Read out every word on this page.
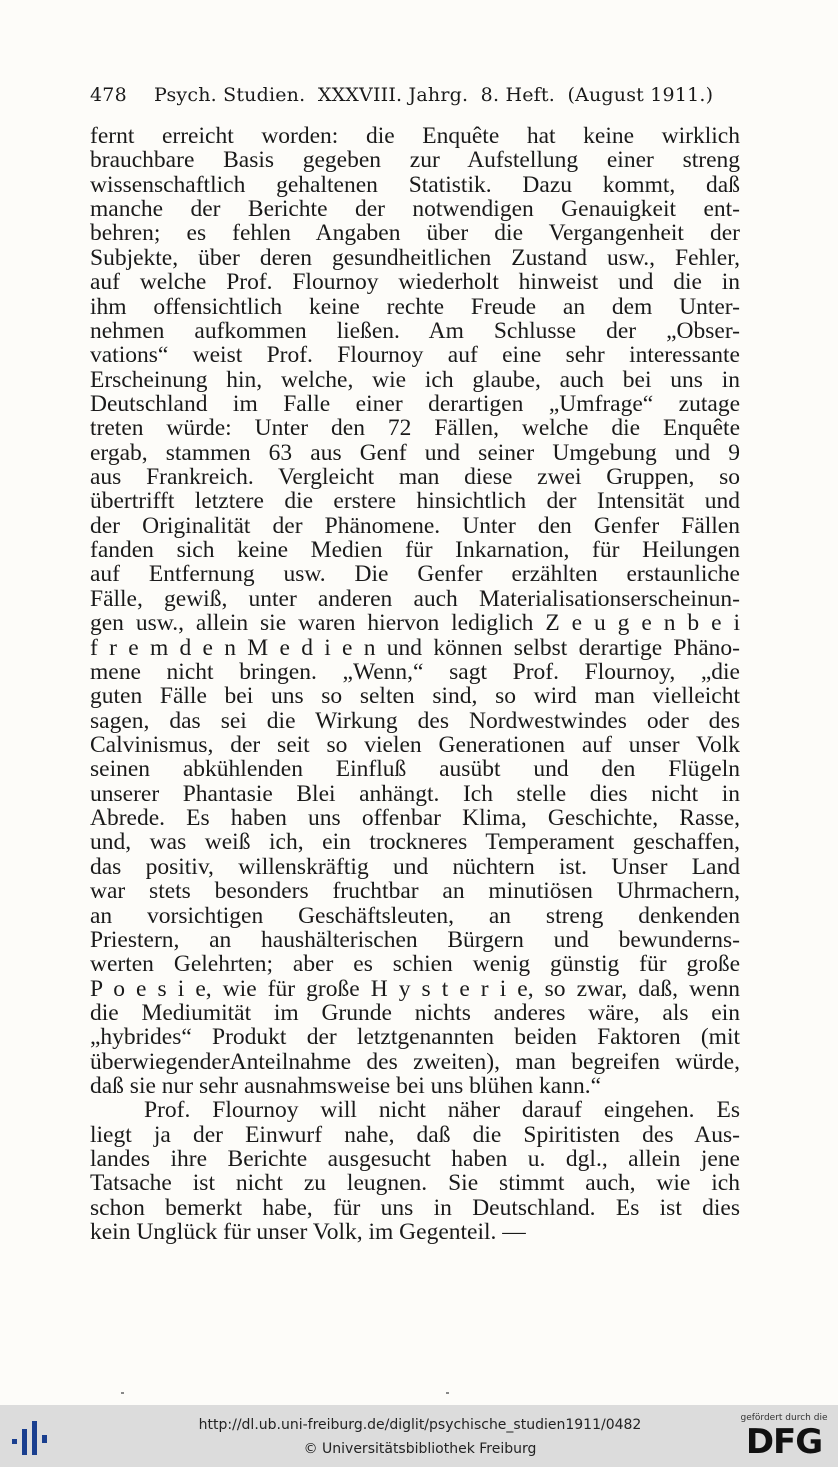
478	Psych. Studien.  XXXVIII. Jahrg.  8. Heft.  (August 1911.)
fernt erreicht worden: die Enquête hat keine wirklich
brauchbare Basis gegeben zur Aufstellung einer streng
wissenschaftlich gehaltenen Statistik. Dazu kommt, daß
manche der Berichte der notwendigen Genauigkeit ent-
behren; es fehlen Angaben über die Vergangenheit der
Subjekte, über deren gesundheitlichen Zustand usw., Fehler,
auf welche Prof. Flournoy wiederholt hinweist und die in
ihm offensichtlich keine rechte Freude an dem Unter-
nehmen aufkommen ließen. Am Schlusse der „Obser-
vations“ weist Prof. Flournoy auf eine sehr interessante
Erscheinung hin, welche, wie ich glaube, auch bei uns in
Deutschland im Falle einer derartigen „Umfrage“ zutage
treten würde: Unter den 72 Fällen, welche die Enquête
ergab, stammen 63 aus Genf und seiner Umgebung und 9
aus Frankreich. Vergleicht man diese zwei Gruppen, so
übertrifft letztere die erstere hinsichtlich der Intensität und
der Originalität der Phänomene. Unter den Genfer Fällen
fanden sich keine Medien für Inkarnation, für Heilungen
auf Entfernung usw. Die Genfer erzählten erstaunliche
Fälle, gewiß, unter anderen auch Materialisationserscheinun-
gen usw., allein sie waren hiervon lediglich Z e u g e n b e i
f r e m d e n M e d i e n und können selbst derartige Phäno-
mene nicht bringen. „Wenn,“ sagt Prof. Flournoy, „die
guten Fälle bei uns so selten sind, so wird man vielleicht
sagen, das sei die Wirkung des Nordwestwindes oder des
Calvinismus, der seit so vielen Generationen auf unser Volk
seinen abkühlenden Einfluß ausübt und den Flügeln
unserer Phantasie Blei anhängt. Ich stelle dies nicht in
Abrede. Es haben uns offenbar Klima, Geschichte, Rasse,
und, was weiß ich, ein trockneres Temperament geschaffen,
das positiv, willenskräftig und nüchtern ist. Unser Land
war stets besonders fruchtbar an minutiösen Uhrmachern,
an vorsichtigen Geschäftsleuten, an streng denkenden
Priestern, an haushälterischen Bürgern und bewunderns-
werten Gelehrten; aber es schien wenig günstig für große
P o e s i e, wie für große H y s t e r i e, so zwar, daß, wenn
die Mediumität im Grunde nichts anderes wäre, als ein
„hybrides“ Produkt der letztgenannten beiden Faktoren (mit
überwiegenderAnteilnahme des zweiten), man begreifen würde,
daß sie nur sehr ausnahmsweise bei uns blühen kann.“
Prof. Flournoy will nicht näher darauf eingehen. Es
liegt ja der Einwurf nahe, daß die Spiritisten des Aus-
landes ihre Berichte ausgesucht haben u. dgl., allein jene
Tatsache ist nicht zu leugnen. Sie stimmt auch, wie ich
schon bemerkt habe, für uns in Deutschland. Es ist dies
kein Unglück für unser Volk, im Gegenteil. —
http://dl.ub.uni-freiburg.de/diglit/psychische_studien1911/0482
© Universitätsbibliothek Freiburg
gefördert durch die
DFG
